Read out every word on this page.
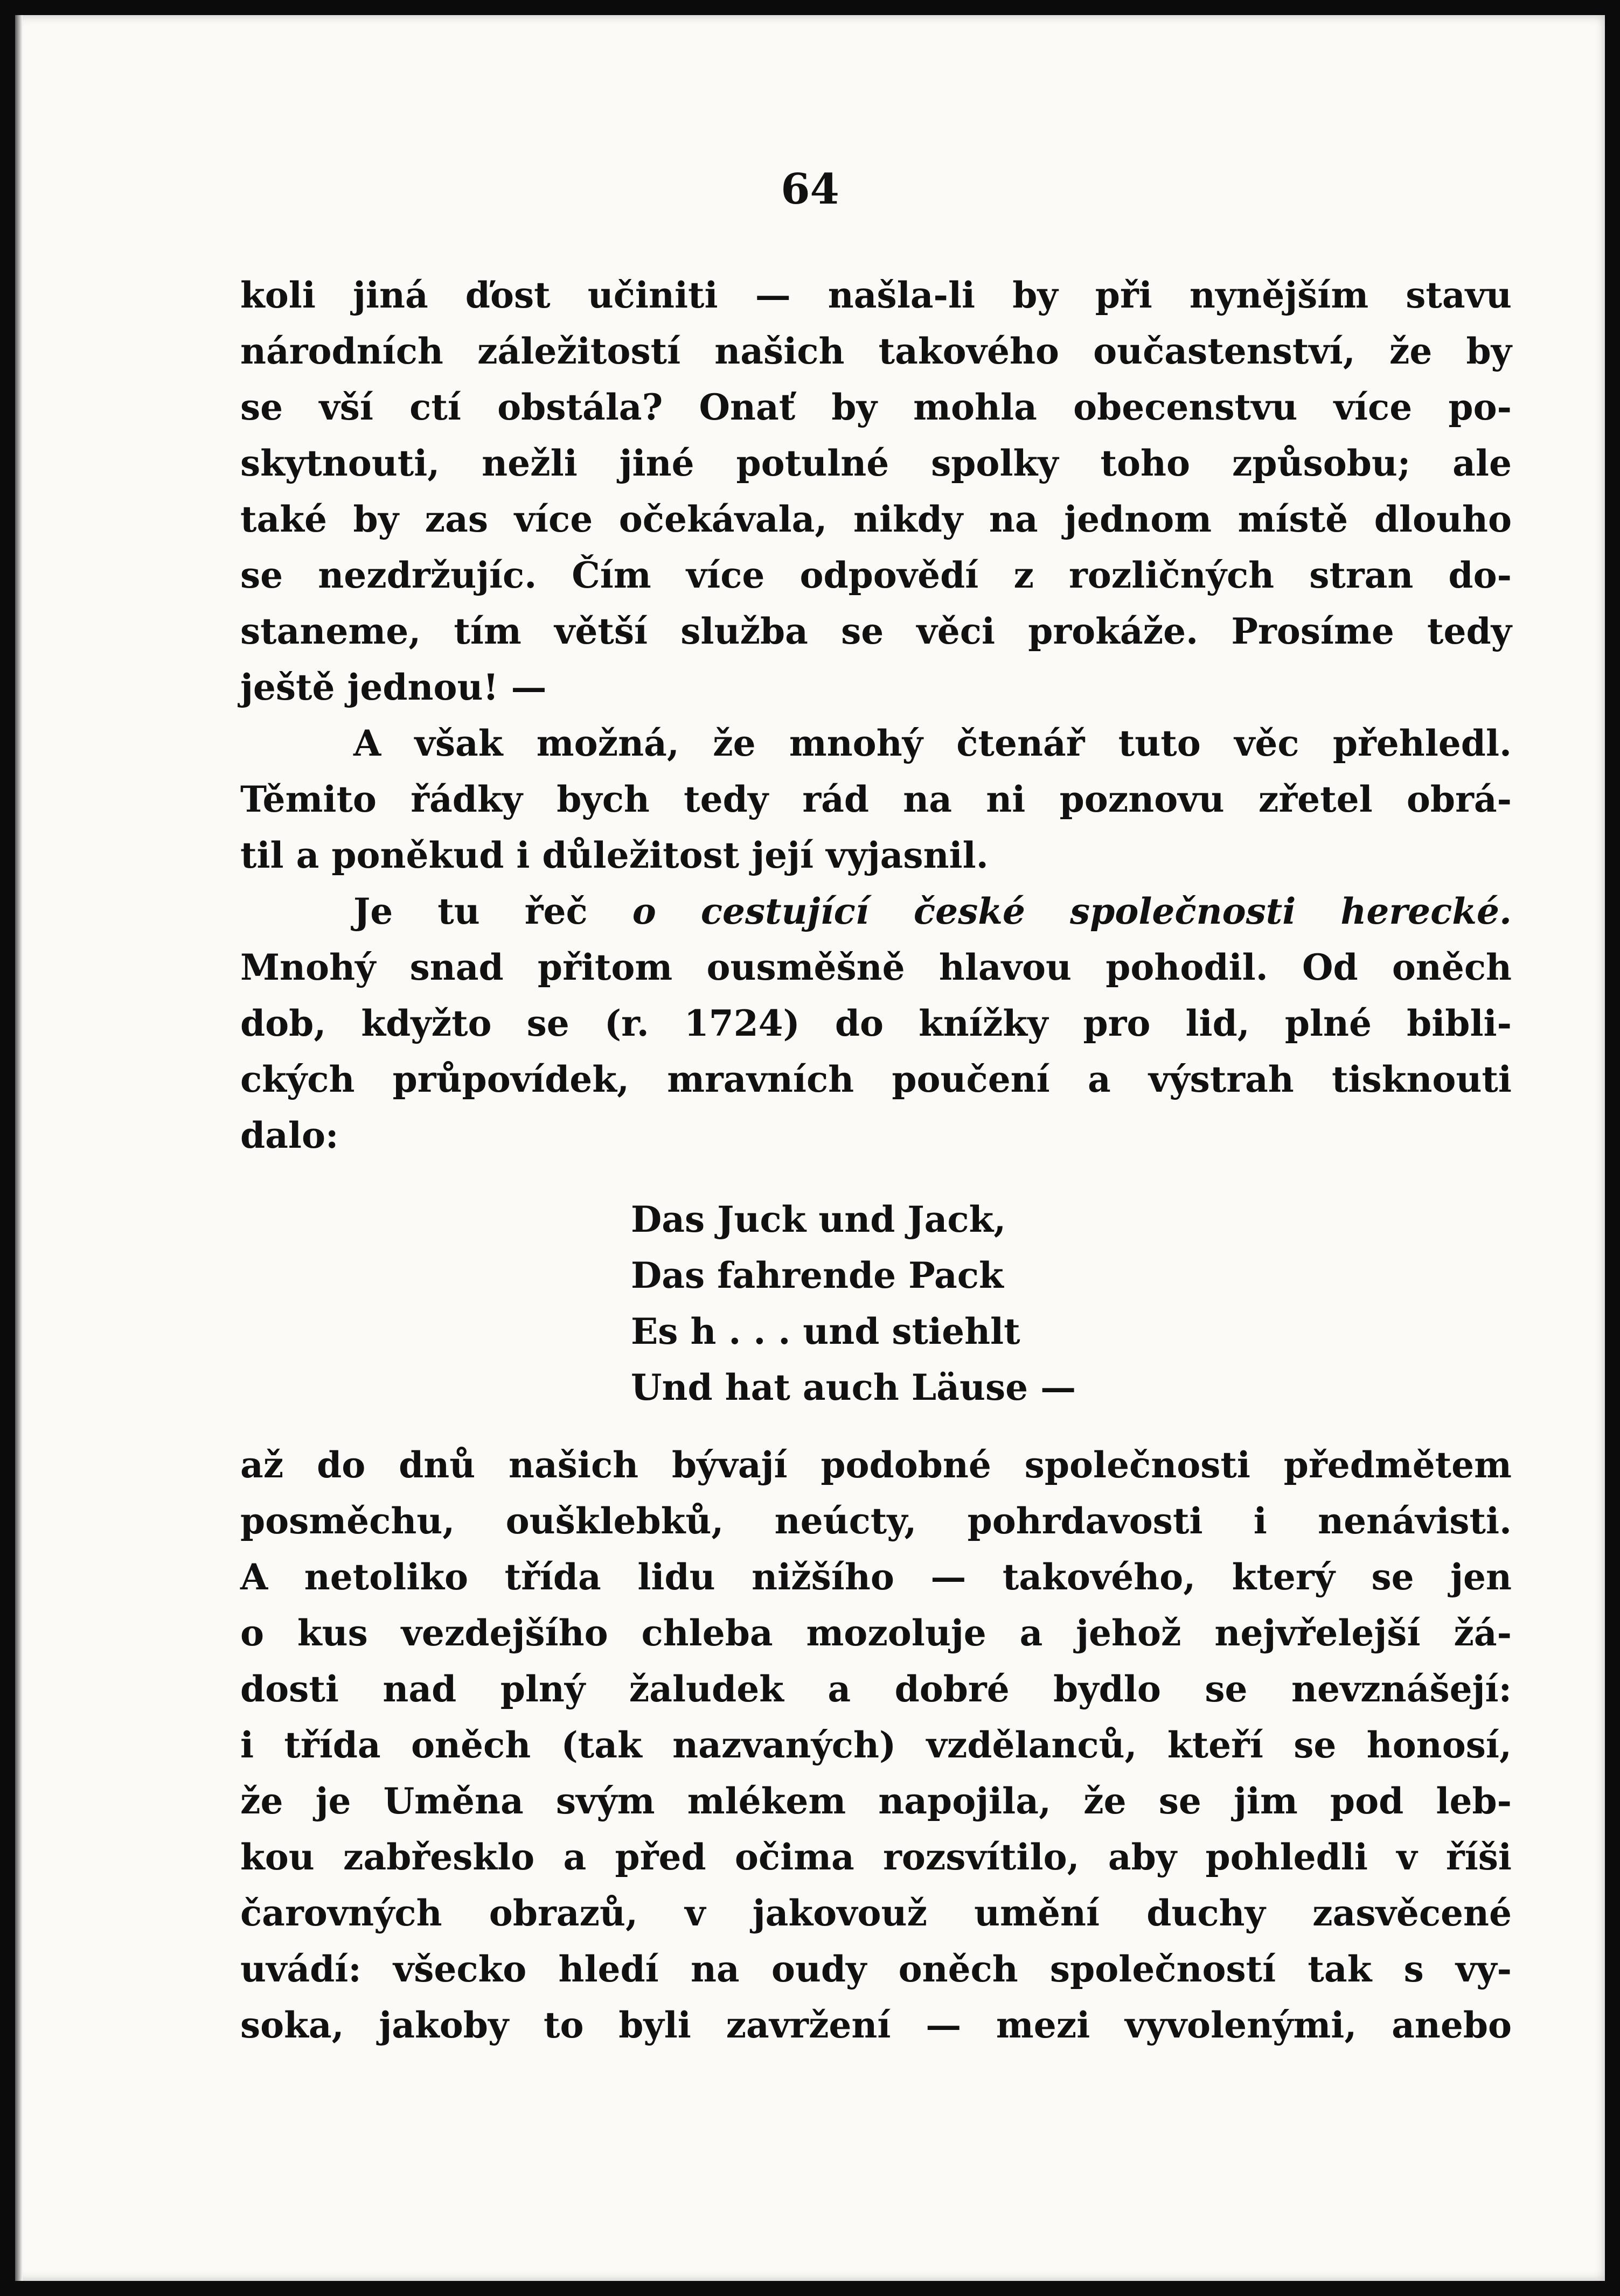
64
koli jiná ďost učiniti — našla-li by při nynějším stavu
národních záležitostí našich takového oučastenství, že by
se vší ctí obstála? Onať by mohla obecenstvu více po-
skytnouti, nežli jiné potulné spolky toho způsobu; ale
také by zas více očekávala, nikdy na jednom místě dlouho
se nezdržujíc. Čím více odpovědí z rozličných stran do-
staneme, tím větší služba se věci prokáže. Prosíme tedy
ještě jednou! —
A však možná, že mnohý čtenář tuto věc přehledl.
Těmito řádky bych tedy rád na ni poznovu zřetel obrá-
til a poněkud i důležitost její vyjasnil.
Je tu řeč o cestující české společnosti herecké.
Mnohý snad přitom ousměšně hlavou pohodil. Od oněch
dob, kdyžto se (r. 1724) do knížky pro lid, plné bibli-
ckých průpovídek, mravních poučení a výstrah tisknouti
dalo:
Das Juck und Jack,
Das fahrende Pack
Es h . . . und stiehlt
Und hat auch Läuse —
až do dnů našich bývají podobné společnosti předmětem
posměchu, oušklebků, neúcty, pohrdavosti i nenávisti.
A netoliko třída lidu nižšího — takového, který se jen
o kus vezdejšího chleba mozoluje a jehož nejvřelejší žá-
dosti nad plný žaludek a dobré bydlo se nevznášejí:
i třída oněch (tak nazvaných) vzdělanců, kteří se honosí,
že je Uměna svým mlékem napojila, že se jim pod leb-
kou zabřesklo a před očima rozsvítilo, aby pohledli v říši
čarovných obrazů, v jakovouž umění duchy zasvěcené
uvádí: všecko hledí na oudy oněch společností tak s vy-
soka, jakoby to byli zavržení — mezi vyvolenými, anebo
